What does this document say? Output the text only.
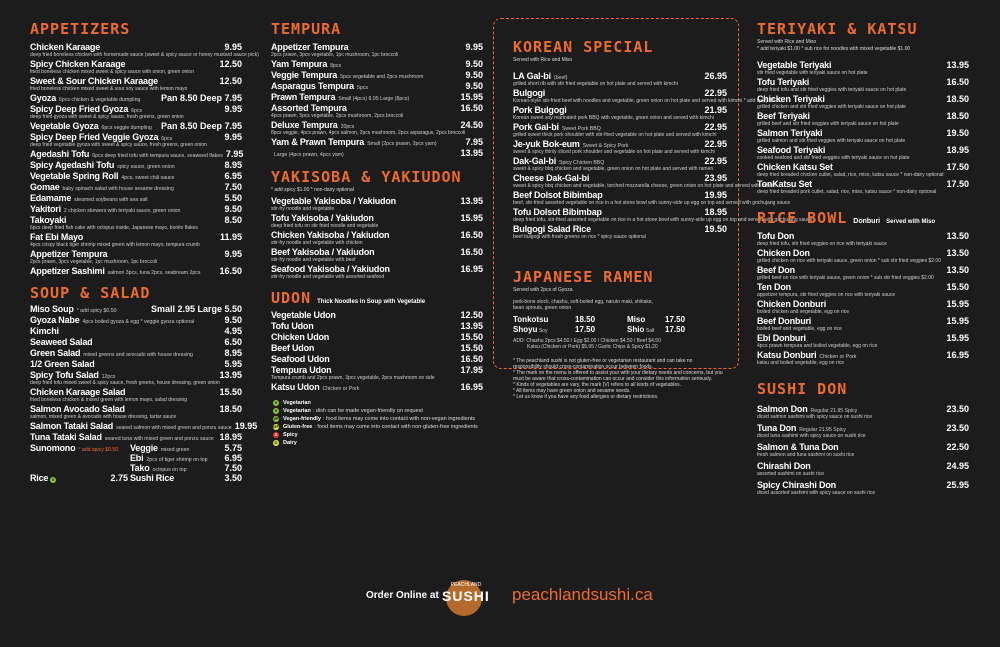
APPETIZERS
Chicken Karaage	9.95
deep fried boneless chicken with homemade sauce (sweet & spicy sauce or honey mustard sauce pick)
Spicy Chicken Karaage	12.50
fried boneless chicken mixed sweet & spicy sauce with onion, green onion
Sweet & Sour Chicken Karaage	12.50
fried boneless chicken mixed sweet & sour soy sauce with lemon mayo
Gyoza 6pcs chicken & vegetable dumpling	Pan 8.50 Deep 7.95
Spicy Deep Fried Gyoza 6pcs	9.95
deep fried gyoza with sweet & spicy sauce, fresh greens, green onion
Vegetable Gyoza 6pcs veggie dumpling	Pan 8.50 Deep 7.95
Spicy Deep Fried Veggie Gyoza 6pcs	9.95
deep fried vegetable gyoza with sweet & spicy sauce, fresh greens, green onion
Agedashi Tofu 6pcs deep fried tofu with tempura sauce, seaweed flakes 7.95
Spicy Agedashi Tofu spicy sauce, green onion	8.95
Vegetable Spring Roll 4pcs, sweet chili sauce	6.95
Gomae baby spinach salad with house sesame dressing	7.50
Edamame steamed soybeans with sea salt	5.50
Yakitori 2 chicken skewers with teriyaki sauce, green onion	9.50
Takoyaki	8.50
6pcs deep fried fish cake with octopus inside, Japanese mayo, bonito flakes
Fat Ebi Mayo	11.95
4pcs crispy black tiger shrimp mixed green with lemon mayo, tempura crumb
Appetizer Tempura	9.95
2pcs prawn, 3pcs vegetable, 1pc mushroom, 1pc broccoli
Appetizer Sashimi salmon 3pcs, tuna 2pcs, seabream 2pcs	16.50
SOUP & SALAD
Miso Soup * add spicy $0.50	Small 2.95 Large 5.50
Gyoza Nabe 4pcs boiled gyoza & egg * veggie gyoza optional	9.50
Kimchi	4.95
Seaweed Salad	6.50
Green Salad mixed greens and avocado with house dressing	8.95
1/2 Green Salad	5.95
Spicy Tofu Salad 12pcs	13.95
deep fried tofu mixed sweet & spicy sauce, fresh greens, house dressing, green onion
Chicken Karaage Salad	15.50
fried boneless chicken & mixed green with lemon mayo, salad dressing
Salmon Avocado Salad	18.50
salmon, mixed green & avocado with house dressing, tartar sauce
Salmon Tataki Salad seared salmon with mixed green and ponzu sauce 19.95
Tuna Tataki Salad seared tuna with mixed green and ponzu sauce 18.95
Sunomono * add spicy $0.50 Veggie mixed green	5.75
Ebi 2pcs of tiger shrimp on top	6.95
Tako octopus on top	7.50
Sushi Rice	3.50
Rice V	2.75
TEMPURA
Appetizer Tempura	9.95
2pcs prawn, 3pcs vegetable, 1pc mushroom, 1pc broccoli
Yam Tempura 8pcs	9.50
Veggie Tempura 5pcs vegetable and 2pcs mushroom	9.50
Asparagus Tempura 5pcs	9.50
Prawn Tempura Small (4pcs) 8.95 Large (8pcs)	15.95
Assorted Tempura	16.50
4pcs prawn, 5pcs vegetable, 2pcs mushroom, 2pcs broccoli
Deluxe Tempura 20pcs	24.50
8pcs veggie, 4pcs prawn, 4pcs salmon, 2pcs mushroom, 2pcs asparagus, 2pcs broccoli
Yam & Prawn Tempura Small (2pcs prawn, 2pcs yam)	7.95
Large (4pcs prawn, 4pcs yam)	13.95
YAKISOBA & YAKIUDON
* add spicy $1.00 * non-dairy optional
Vegetable Yakisoba / Yakiudon	13.95
stir-fry noodle and vegetable
Tofu Yakisoba / Yakiudon	15.95
deep fried tofu on stir fried noodle and vegetable
Chicken Yakisoba / Yakiudon	16.50
stir-fry noodle and vegetable with chicken
Beef Yakisoba / Yakiudon	16.50
stir-fry noodle and vegetable with beef
Seafood Yakisoba / Yakiudon	16.95
stir-fry noodle and vegetable with assorted seafood
UDON Thick Noodles in Soup with Vegetable
Vegetable Udon	12.50
Tofu Udon	13.95
Chicken Udon	15.50
Beef Udon	15.50
Seafood Udon	16.50
Tempura Udon	17.95
Tempura crumb and 2pcs prawn, 3pcs vegetable, 2pcs mushroom on side
Katsu Udon Chicken or Pork	16.95
V	Vegetarian
V	Vegetarian : dish can be made vegan-friendly on request
VF Vegan-friendly : food items may come into contact with non-vegan ingredients
GF Gluten-free : food items may come into contact with non-gluten-free ingredients
S	Spicy
D Dairy
Order Online at
PEACHLAND
SUSHI peachlandsushi.ca
KOREAN SPECIAL
Served with Rice and Miso
LA Gal-bi (beef)	26.95
grilled short rib with stir fried vegetable on hot plate and served with kimchi
Bulgogi	22.95
Korean-style stir-fried beef with noodles and vegetable, green onion on hot plate and served with kimchi * add spicy $1.00
Pork Bulgogi	21.95
Korean sweet soy marinated pork BBQ with vegetable, green onion and served with kimchi
Pork Gal-bi Sweet Pork BBQ	22.95
grilled sweet thick pork shoulder with stir-fried vegetable on hot plate and served with kimchi
Je-yuk Bok-eum Sweet & Spicy Pork	22.95
sweet & spicy thinly sliced pork shoulder and vegetable on hot plate and served with kimchi
Dak-Gal-bi Spicy Chicken BBQ	22.95
sweet & spicy bbq chicken and vegetable, green onion on hot plate and served with ramen
Cheese Dak-Gal-bi	23.95
sweet & spicy bbq chicken and vegetable, torched mozzarella cheese, green onion on hot plate and served with ramen
Beef Dolsot Bibimbap	19.95
beef, stir-fried assorted vegetable on rice in a hot stone bowl with sunny-side up egg on top and served with gochujang sauce
Tofu Dolsot Bibimbap	18.95
deep fried tofu, stir-fried assorted vegetable on rice in a hot stone bowl with sunny-side up egg on top and served with gochujang sauce
Bulgogi Salad Rice	19.50
beef bulgogi with fresh greens on rice * spicy sauce optional
JAPANESE RAMEN
Served with 2pcs of Gyoza
pork-bone stock, chashu, soft-boiled egg, naruto maki, shiitake, bean sprouts, green onion
Tonkotsu	18.50	Miso	17.50
Shoyu Soy	17.50	Shio Salt	17.50
ADD: Chashu 2pcs $4.50 / Egg $2.00 / Chicken $4.50 / Beef $4.50
Katsu (Chicken or Pork) $5.95 / Garlic Chips & Spicy $1.20
* The peachland sushi is not gluten-free or vegetarian restaurant and can take no
responsibility should cross-contamination occur between foods.
* The mark on the menu is offered to assist your with your dietary needs and concerns, but you
must be aware that cross-contamination can occur and consider this information seriously.
* Kinds of vegetables are vary, the mark (V) refers to all kinds of vegetables.
* All items may have green onion and sesame seeds.
* Let us know if you have any food allergies or dietary restrictions.
TERIYAKI & KATSU
Served with Rice and Miso
* add teriyaki $1.00 * sub rice for noodles with mixed vegetable $1.00
Vegetable Teriyaki	13.95
stir fried vegetable with teriyaki sauce on hot plate
Tofu Teriyaki	16.50
deep fried tofu and stir fried veggies with teriyaki sauce on hot plate
Chicken Teriyaki	18.50
grilled chicken and stir fried veggies with teriyaki sauce on hot plate
Beef Teriyaki	18.50
grilled beef and stir fried veggies with teriyaki sauce on hot plate
Salmon Teriyaki	19.50
grilled salmon and stir fried veggies with teriyaki sauce on hot plate
Seafood Teriyaki	18.95
cooked seafood and stir fried veggies with teriyaki sauce on hot plate
Chicken Katsu Set	17.50
deep fried breaded chicken cutlet, salad, rice, miso, katsu sauce * non-dairy optional
TonKatsu Set	17.50
deep fried breaded pork cutlet, salad, rice, miso, katsu sauce * non-dairy optional
RICE BOWL Donburi Served with Miso
Tofu Don	13.50
deep fried tofu, stir fried veggies on rice with teriyaki sauce
Chicken Don	13.50
grilled chicken on rice with teriyaki sauce, green onion * sub stir fried veggies $2.00
Beef Don	13.50
grilled beef on rice with teriyaki sauce, green onion * sub stir fried veggies $2.00
Ten Don	15.50
appetizer tempura, stir fried veggies on rice with teriyaki sauce
Chicken Donburi	15.95
boiled chicken and vegetable, egg on rice
Beef Donburi	15.95
boiled beef and vegetable, egg on rice
Ebi Donburi	15.95
4pcs prawn tempura and boiled vegetable, egg on rice
Katsu Donburi Chicken or Pork	16.95
katsu and boiled vegetable, egg on rice
SUSHI DON
Salmon Don Regular 21.95 Spicy	23.50
diced salmon sashimi with spicy sauce on sushi rice
Tuna Don Regular 21.95 Spicy	23.50
diced tuna sashimi with spicy sauce on sushi rice
Salmon & Tuna Don	22.50
fresh salmon and tuna sashimi on sushi rice
Chirashi Don	24.95
assorted sashimi on sushi rice
Spicy Chirashi Don	25.95
diced assorted sashimi with spicy sauce on sushi rice
